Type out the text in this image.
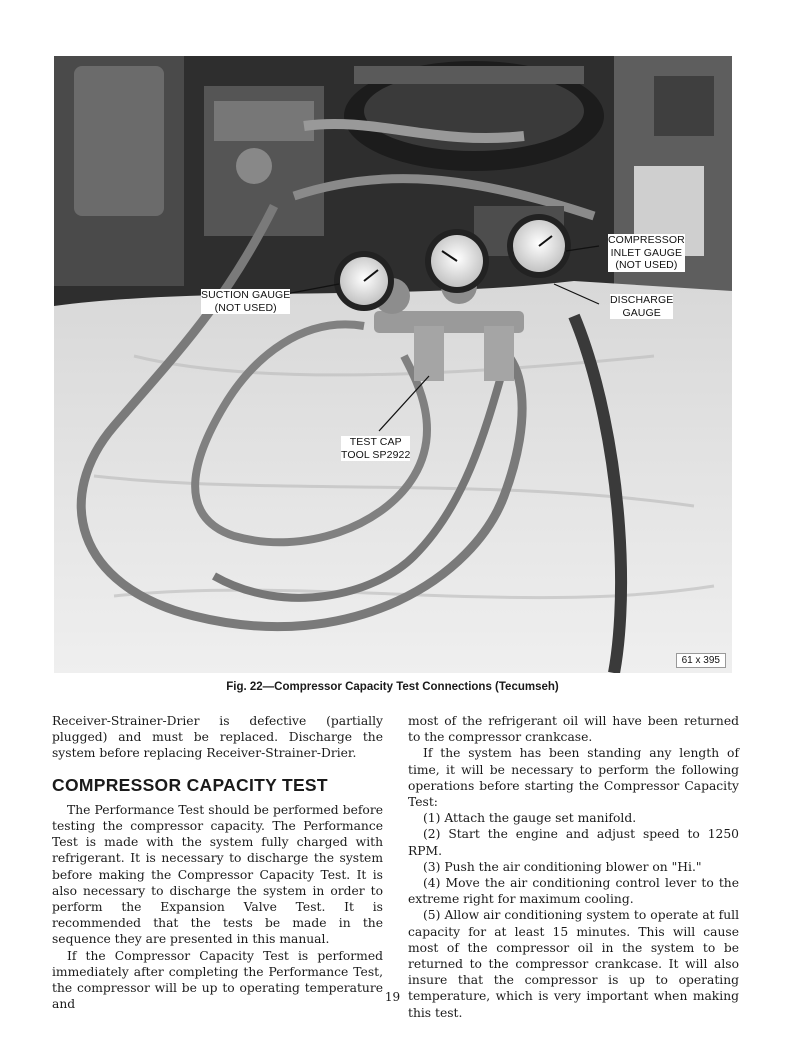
COMPRESSOR
INLET GAUGE
(NOT USED)
SUCTION GAUGE
(NOT USED)
DISCHARGE
GAUGE
TEST CAP
TOOL SP2922
61 x 395
Fig. 22—Compressor Capacity Test Connections (Tecumseh)

Receiver-Strainer-Drier is defective (partially plugged) and must be replaced. Discharge the system before replacing Receiver-Strainer-Drier.

COMPRESSOR CAPACITY TEST

The Performance Test should be performed before testing the compressor capacity. The Performance Test is made with the system fully charged with refrigerant. It is necessary to discharge the system before making the Compressor Capacity Test. It is also necessary to discharge the system in order to perform the Expansion Valve Test. It is recommended that the tests be made in the sequence they are presented in this manual.

If the Compressor Capacity Test is performed immediately after completing the Performance Test, the compressor will be up to operating temperature and

most of the refrigerant oil will have been returned to the compressor crankcase.

If the system has been standing any length of time, it will be necessary to perform the following operations before starting the Compressor Capacity Test:

(1) Attach the gauge set manifold.

(2) Start the engine and adjust speed to 1250 RPM.

(3) Push the air conditioning blower on "Hi."

(4) Move the air conditioning control lever to the extreme right for maximum cooling.

(5) Allow air conditioning system to operate at full capacity for at least 15 minutes. This will cause most of the compressor oil in the system to be returned to the compressor crankcase. It will also insure that the compressor is up to operating temperature, which is very important when making this test.

19
